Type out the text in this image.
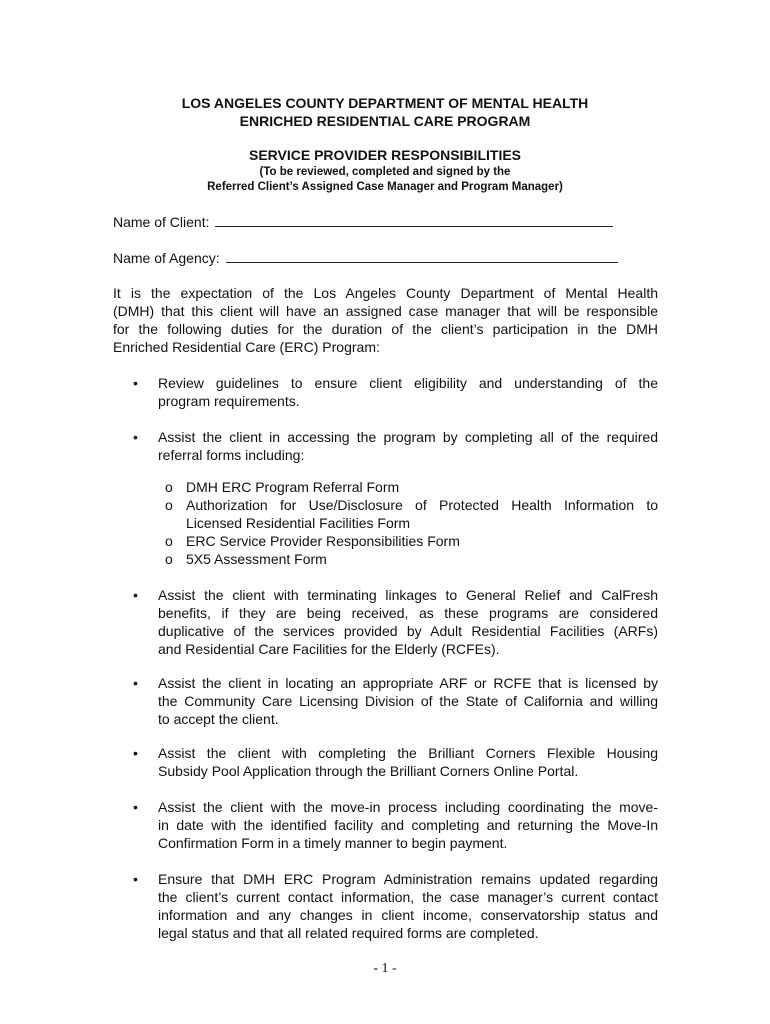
LOS ANGELES COUNTY DEPARTMENT OF MENTAL HEALTH
ENRICHED RESIDENTIAL CARE PROGRAM
SERVICE PROVIDER RESPONSIBILITIES
(To be reviewed, completed and signed by the
Referred Client’s Assigned Case Manager and Program Manager)
Name of Client:
Name of Agency:
It is the expectation of the Los Angeles County Department of Mental Health
(DMH) that this client will have an assigned case manager that will be responsible
for the following duties for the duration of the client’s participation in the DMH
Enriched Residential Care (ERC) Program:
• Review guidelines to ensure client eligibility and understanding of the
program requirements.
• Assist the client in accessing the program by completing all of the required
referral forms including:
o DMH ERC Program Referral Form
o Authorization for Use/Disclosure of Protected Health Information to
Licensed Residential Facilities Form
o ERC Service Provider Responsibilities Form
o 5X5 Assessment Form
• Assist the client with terminating linkages to General Relief and CalFresh
benefits, if they are being received, as these programs are considered
duplicative of the services provided by Adult Residential Facilities (ARFs)
and Residential Care Facilities for the Elderly (RCFEs).
• Assist the client in locating an appropriate ARF or RCFE that is licensed by
the Community Care Licensing Division of the State of California and willing
to accept the client.
• Assist the client with completing the Brilliant Corners Flexible Housing
Subsidy Pool Application through the Brilliant Corners Online Portal.
• Assist the client with the move-in process including coordinating the move-
in date with the identified facility and completing and returning the Move-In
Confirmation Form in a timely manner to begin payment.
• Ensure that DMH ERC Program Administration remains updated regarding
the client’s current contact information, the case manager’s current contact
information and any changes in client income, conservatorship status and
legal status and that all related required forms are completed.
- 1 -
